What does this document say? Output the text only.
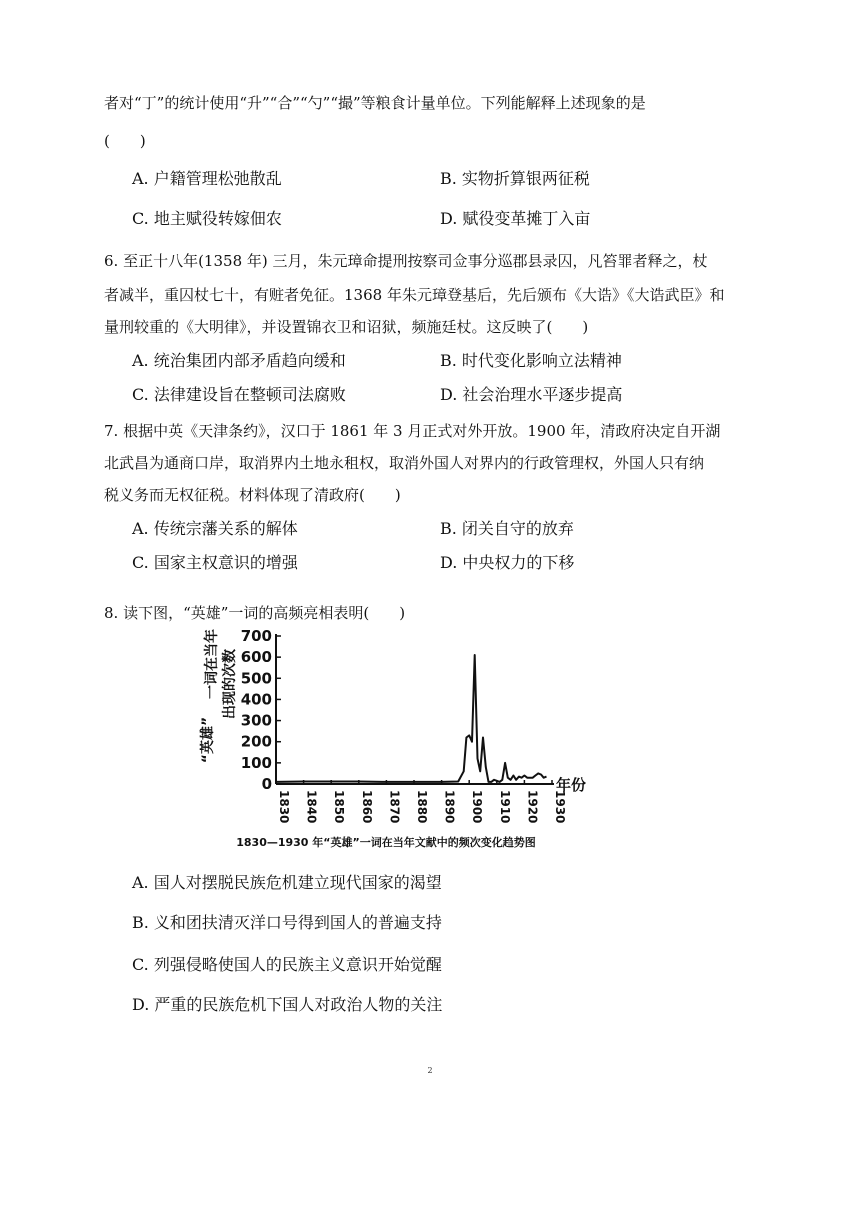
者对“丁”的统计使用“升”“合”“勺”“撮”等粮食计量单位。下列能解释上述现象的是
(　　)
A. 户籍管理松弛散乱	B. 实物折算银两征税
C. 地主赋役转嫁佃农	D. 赋役变革摊丁入亩
6. 至正十八年(1358 年) 三月，朱元璋命提刑按察司佥事分巡郡县录囚，凡笞罪者释之，杖
者减半，重囚杖七十，有赃者免征。1368 年朱元璋登基后，先后颁布《大诰》《大诰武臣》和
量刑较重的《大明律》，并设置锦衣卫和诏狱，频施廷杖。这反映了(　　)
A. 统治集团内部矛盾趋向缓和	B. 时代变化影响立法精神
C. 法律建设旨在整顿司法腐败	D. 社会治理水平逐步提高
7. 根据中英《天津条约》，汉口于 1861 年 3 月正式对外开放。1900 年，清政府决定自开湖
北武昌为通商口岸，取消界内土地永租权，取消外国人对界内的行政管理权，外国人只有纳
税义务而无权征税。材料体现了清政府(　　)
A. 传统宗藩关系的解体	B. 闭关自守的放弃
C. 国家主权意识的增强	D. 中央权力的下移
8. 读下图，“英雄”一词的高频亮相表明(　　)
0
100
200
300
400
500
600
700
1830 1840 1850 1860 1870 1880 1890 1900 1910 1920 1930
年份
“英雄”
一词在当年 出现的次数
1830—1930 年“英雄”一词在当年文献中的频次变化趋势图
A. 国人对摆脱民族危机建立现代国家的渴望
B. 义和团扶清灭洋口号得到国人的普遍支持
C. 列强侵略使国人的民族主义意识开始觉醒
D. 严重的民族危机下国人对政治人物的关注
2
